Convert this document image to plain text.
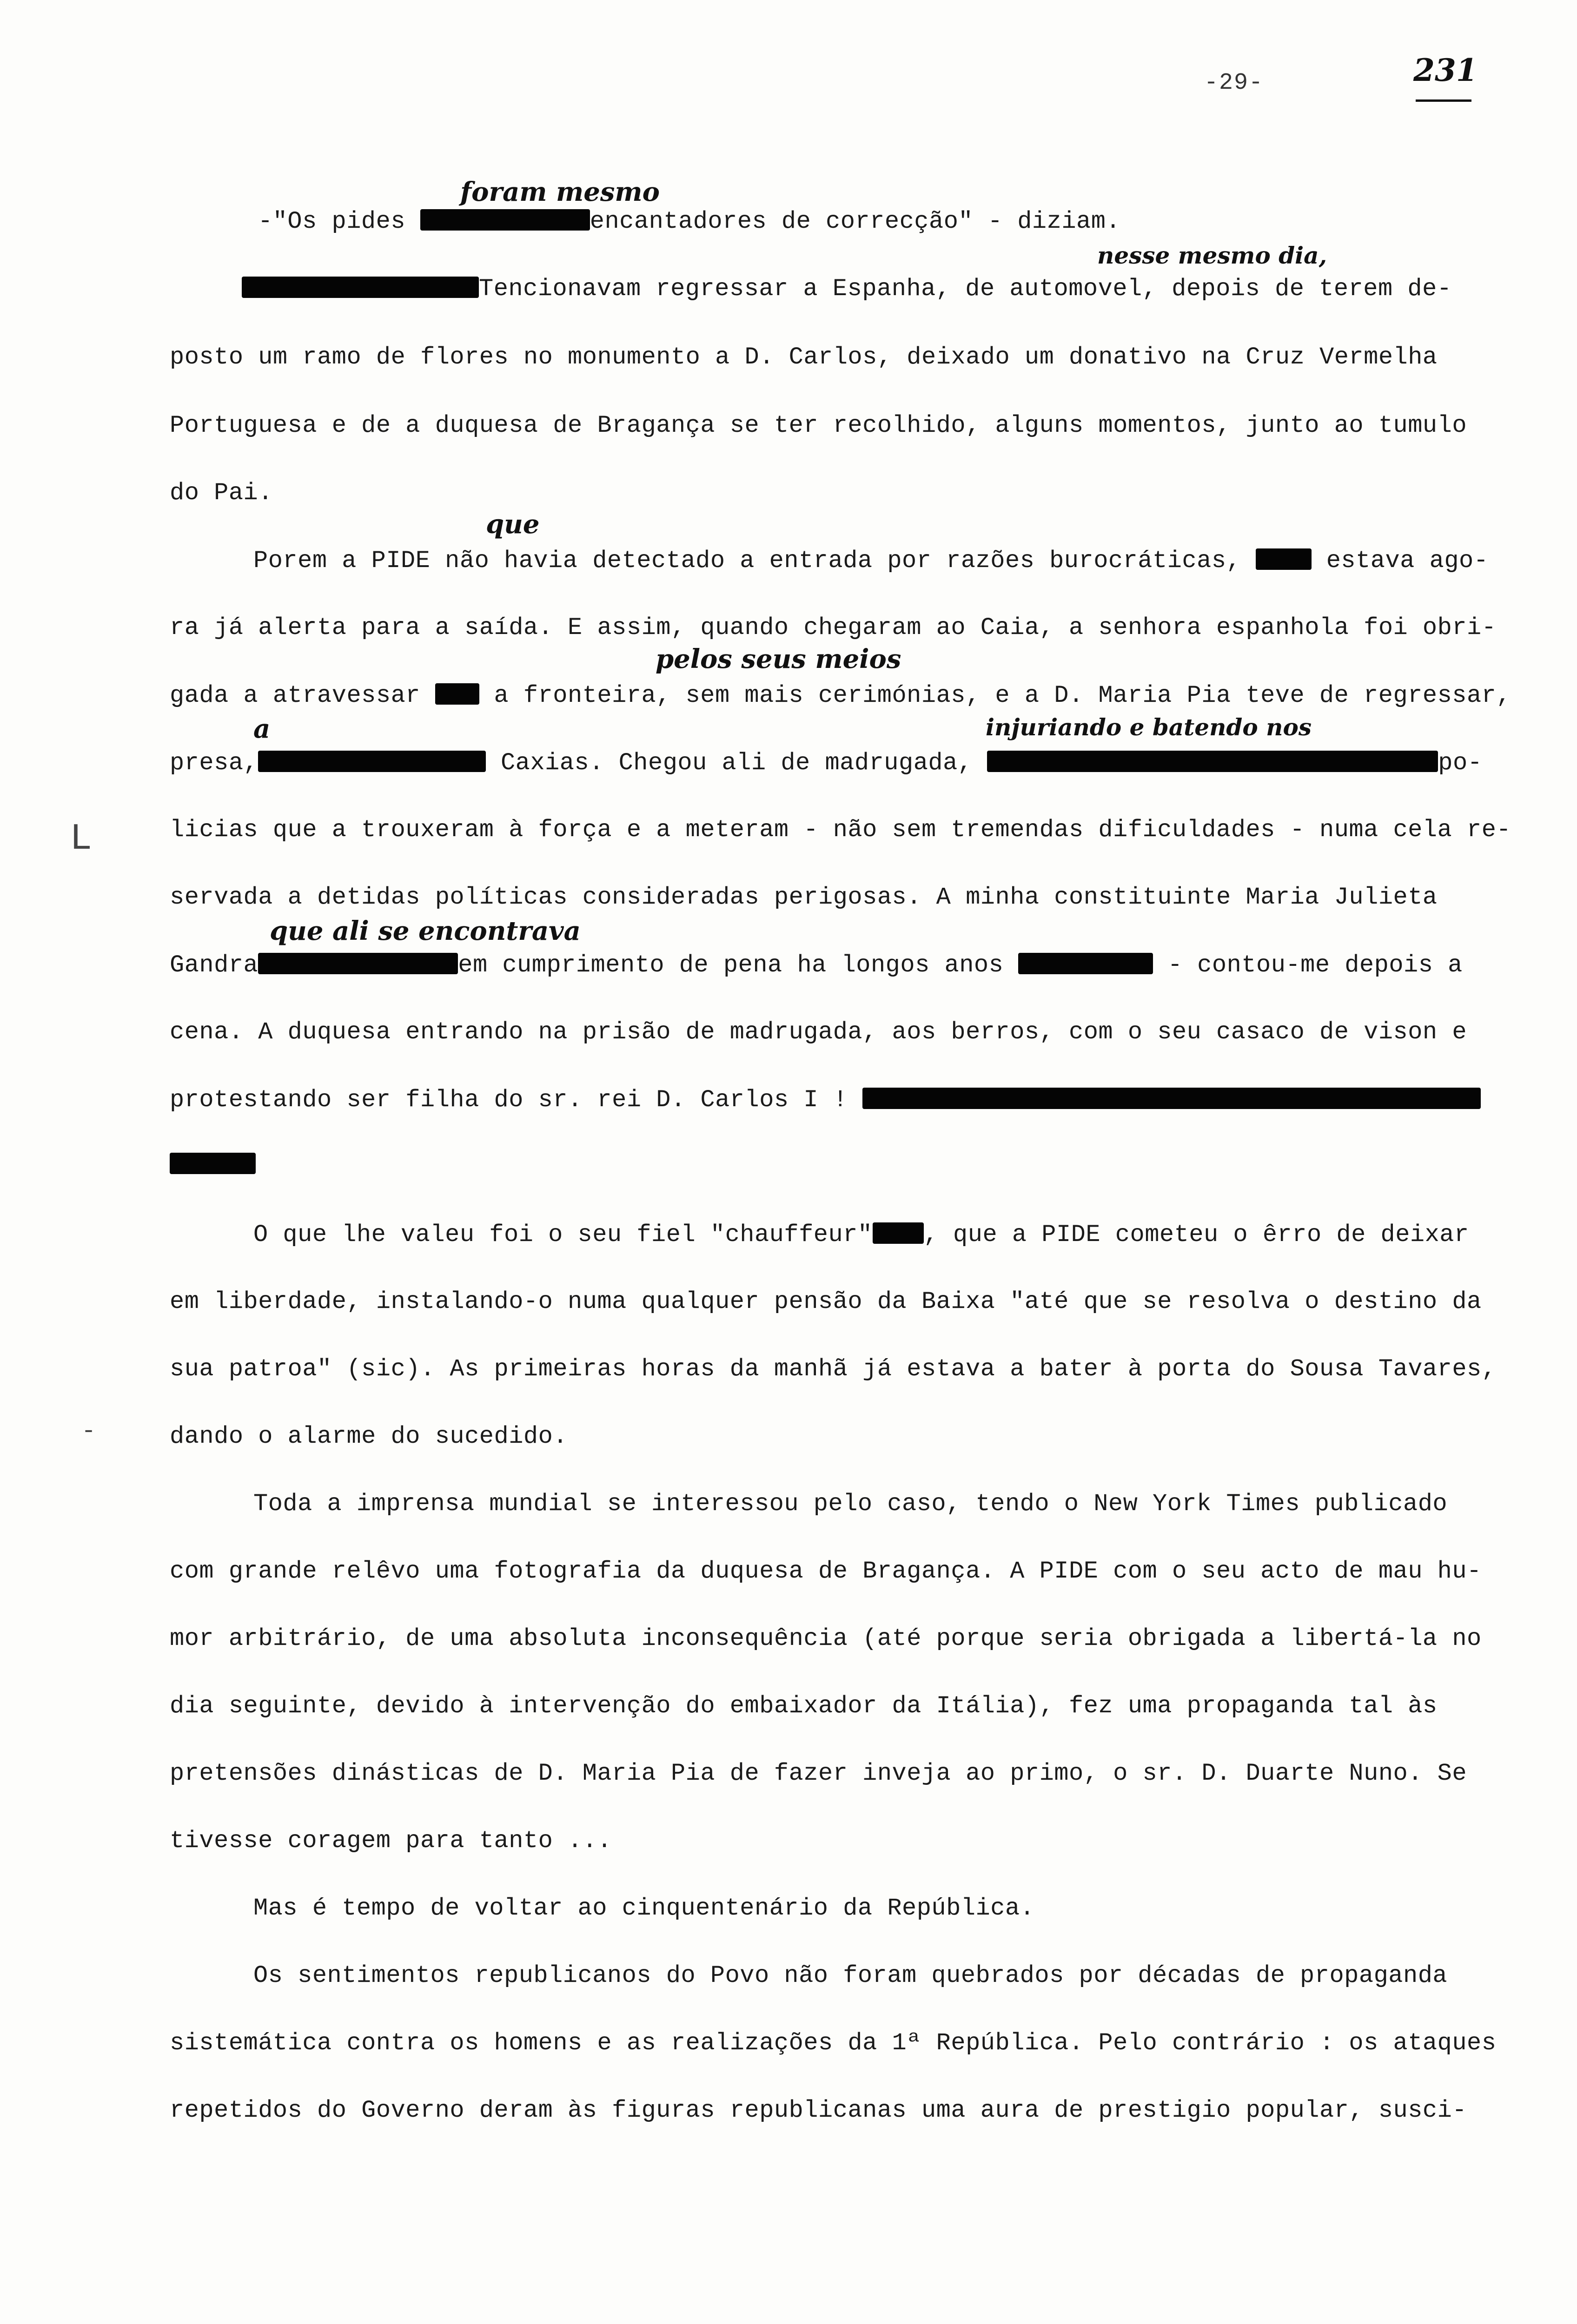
-29-	231
foram mesmo
nesse mesmo dia,
que
pelos seus meios
a	injuriando e batendo nos
que ali se encontrava
L
-
-"Os pides	encantadores de correcção" - diziam.
Tencionavam regressar a Espanha, de automovel, depois de terem de-
posto um ramo de flores no monumento a D. Carlos, deixado um donativo na Cruz Vermelha
Portuguesa e de a duquesa de Bragança se ter recolhido, alguns momentos, junto ao tumulo
do Pai.
Porem a PIDE não havia detectado a entrada por razões burocráticas,	estava ago-
ra já alerta para a saída. E assim, quando chegaram ao Caia, a senhora espanhola foi obri-
gada a atravessar	a fronteira, sem mais cerimónias, e a D. Maria Pia teve de regressar,
presa,	Caxias. Chegou ali de madrugada,	po-
licias que a trouxeram à força e a meteram - não sem tremendas dificuldades - numa cela re-
servada a detidas políticas consideradas perigosas. A minha constituinte Maria Julieta
Gandra	em cumprimento de pena ha longos anos	- contou-me depois a
cena. A duquesa entrando na prisão de madrugada, aos berros, com o seu casaco de vison e
protestando ser filha do sr. rei D. Carlos I !
O que lhe valeu foi o seu fiel "chauffeur" , que a PIDE cometeu o êrro de deixar
em liberdade, instalando-o numa qualquer pensão da Baixa "até que se resolva o destino da
sua patroa" (sic). As primeiras horas da manhã já estava a bater à porta do Sousa Tavares,
dando o alarme do sucedido.
Toda a imprensa mundial se interessou pelo caso, tendo o New York Times publicado
com grande relêvo uma fotografia da duquesa de Bragança. A PIDE com o seu acto de mau hu-
mor arbitrário, de uma absoluta inconsequência (até porque seria obrigada a libertá-la no
dia seguinte, devido à intervenção do embaixador da Itália), fez uma propaganda tal às
pretensões dinásticas de D. Maria Pia de fazer inveja ao primo, o sr. D. Duarte Nuno. Se
tivesse coragem para tanto ...
Mas é tempo de voltar ao cinquentenário da República.
Os sentimentos republicanos do Povo não foram quebrados por décadas de propaganda
sistemática contra os homens e as realizações da 1ª República. Pelo contrário : os ataques
repetidos do Governo deram às figuras republicanas uma aura de prestigio popular, susci-
